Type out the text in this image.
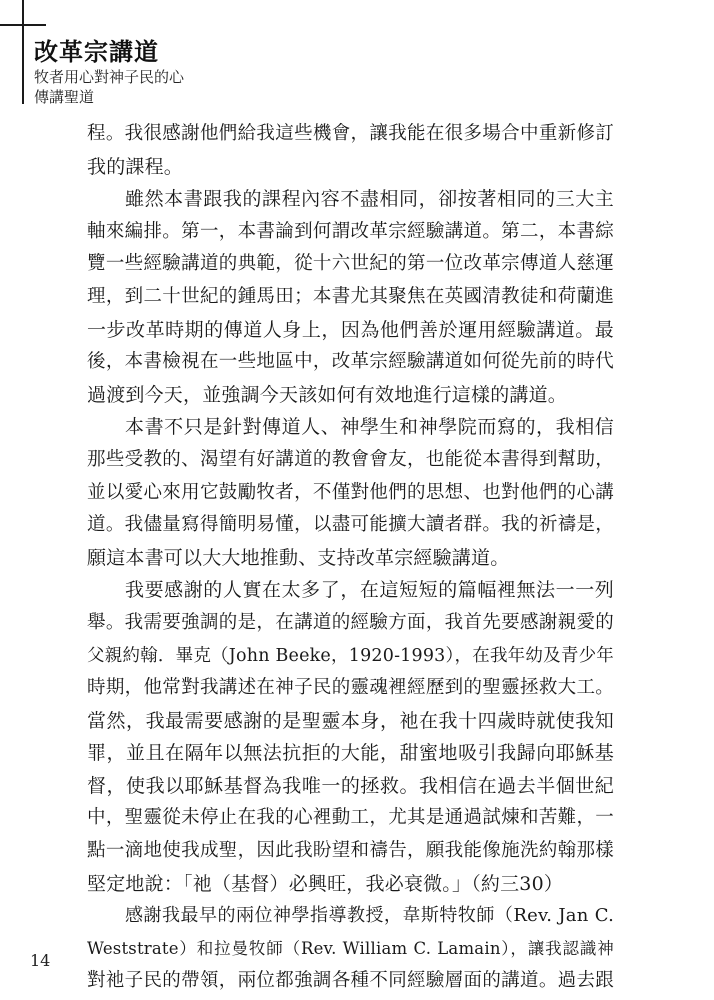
改革宗講道
牧者用心對神子民的心
傳講聖道
程。我很感謝他們給我這些機會，讓我能在很多場合中重新修訂
我的課程。
雖然本書跟我的課程內容不盡相同，卻按著相同的三大主
軸來編排。第一，本書論到何謂改革宗經驗講道。第二，本書綜
覽一些經驗講道的典範，從十六世紀的第一位改革宗傳道人慈運
理，到二十世紀的鍾馬田；本書尤其聚焦在英國清教徒和荷蘭進
一步改革時期的傳道人身上，因為他們善於運用經驗講道。最
後，本書檢視在一些地區中，改革宗經驗講道如何從先前的時代
過渡到今天，並強調今天該如何有效地進行這樣的講道。
本書不只是針對傳道人、神學生和神學院而寫的，我相信
那些受教的、渴望有好講道的教會會友，也能從本書得到幫助，
並以愛心來用它鼓勵牧者，不僅對他們的思想、也對他們的心講
道。我儘量寫得簡明易懂，以盡可能擴大讀者群。我的祈禱是，
願這本書可以大大地推動、支持改革宗經驗講道。
我要感謝的人實在太多了，在這短短的篇幅裡無法一一列
舉。我需要強調的是，在講道的經驗方面，我首先要感謝親愛的
父親約翰．畢克（John Beeke，1920-1993），在我年幼及青少年
時期，他常對我講述在神子民的靈魂裡經歷到的聖靈拯救大工。
當然，我最需要感謝的是聖靈本身，祂在我十四歲時就使我知
罪，並且在隔年以無法抗拒的大能，甜蜜地吸引我歸向耶穌基
督，使我以耶穌基督為我唯一的拯救。我相信在過去半個世紀
中，聖靈從未停止在我的心裡動工，尤其是通過試煉和苦難，一
點一滴地使我成聖，因此我盼望和禱告，願我能像施洗約翰那樣
堅定地說：「祂（基督）必興旺，我必衰微。」（約三30）
感謝我最早的兩位神學指導教授，韋斯特牧師（Rev. Jan C.
Weststrate）和拉曼牧師（Rev. William C. Lamain），讓我認識神
對祂子民的帶領，兩位都強調各種不同經驗層面的講道。過去跟
14
